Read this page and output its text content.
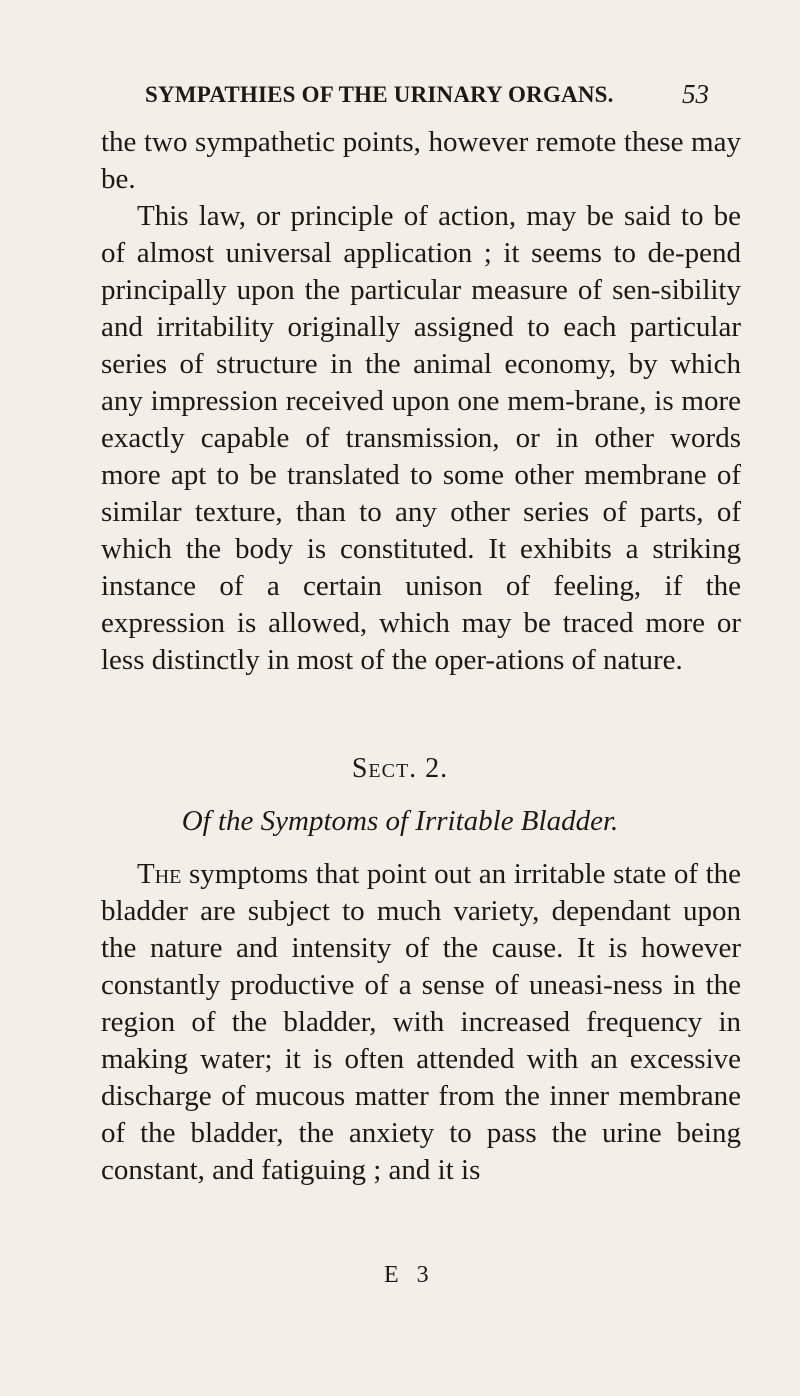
SYMPATHIES OF THE URINARY ORGANS.	53

the two sympathetic points, however remote these may be.

This law, or principle of action, may be said to be of almost universal application ; it seems to de-pend principally upon the particular measure of sen-sibility and irritability originally assigned to each particular series of structure in the animal economy, by which any impression received upon one mem-brane, is more exactly capable of transmission, or in other words more apt to be translated to some other membrane of similar texture, than to any other series of parts, of which the body is constituted. It exhibits a striking instance of a certain unison of feeling, if the expression is allowed, which may be traced more or less distinctly in most of the oper-ations of nature.

Sect. 2.
Of the Symptoms of Irritable Bladder.

The symptoms that point out an irritable state of the bladder are subject to much variety, dependant upon the nature and intensity of the cause. It is however constantly productive of a sense of uneasi-ness in the region of the bladder, with increased frequency in making water; it is often attended with an excessive discharge of mucous matter from the inner membrane of the bladder, the anxiety to pass the urine being constant, and fatiguing ; and it is

E 3
